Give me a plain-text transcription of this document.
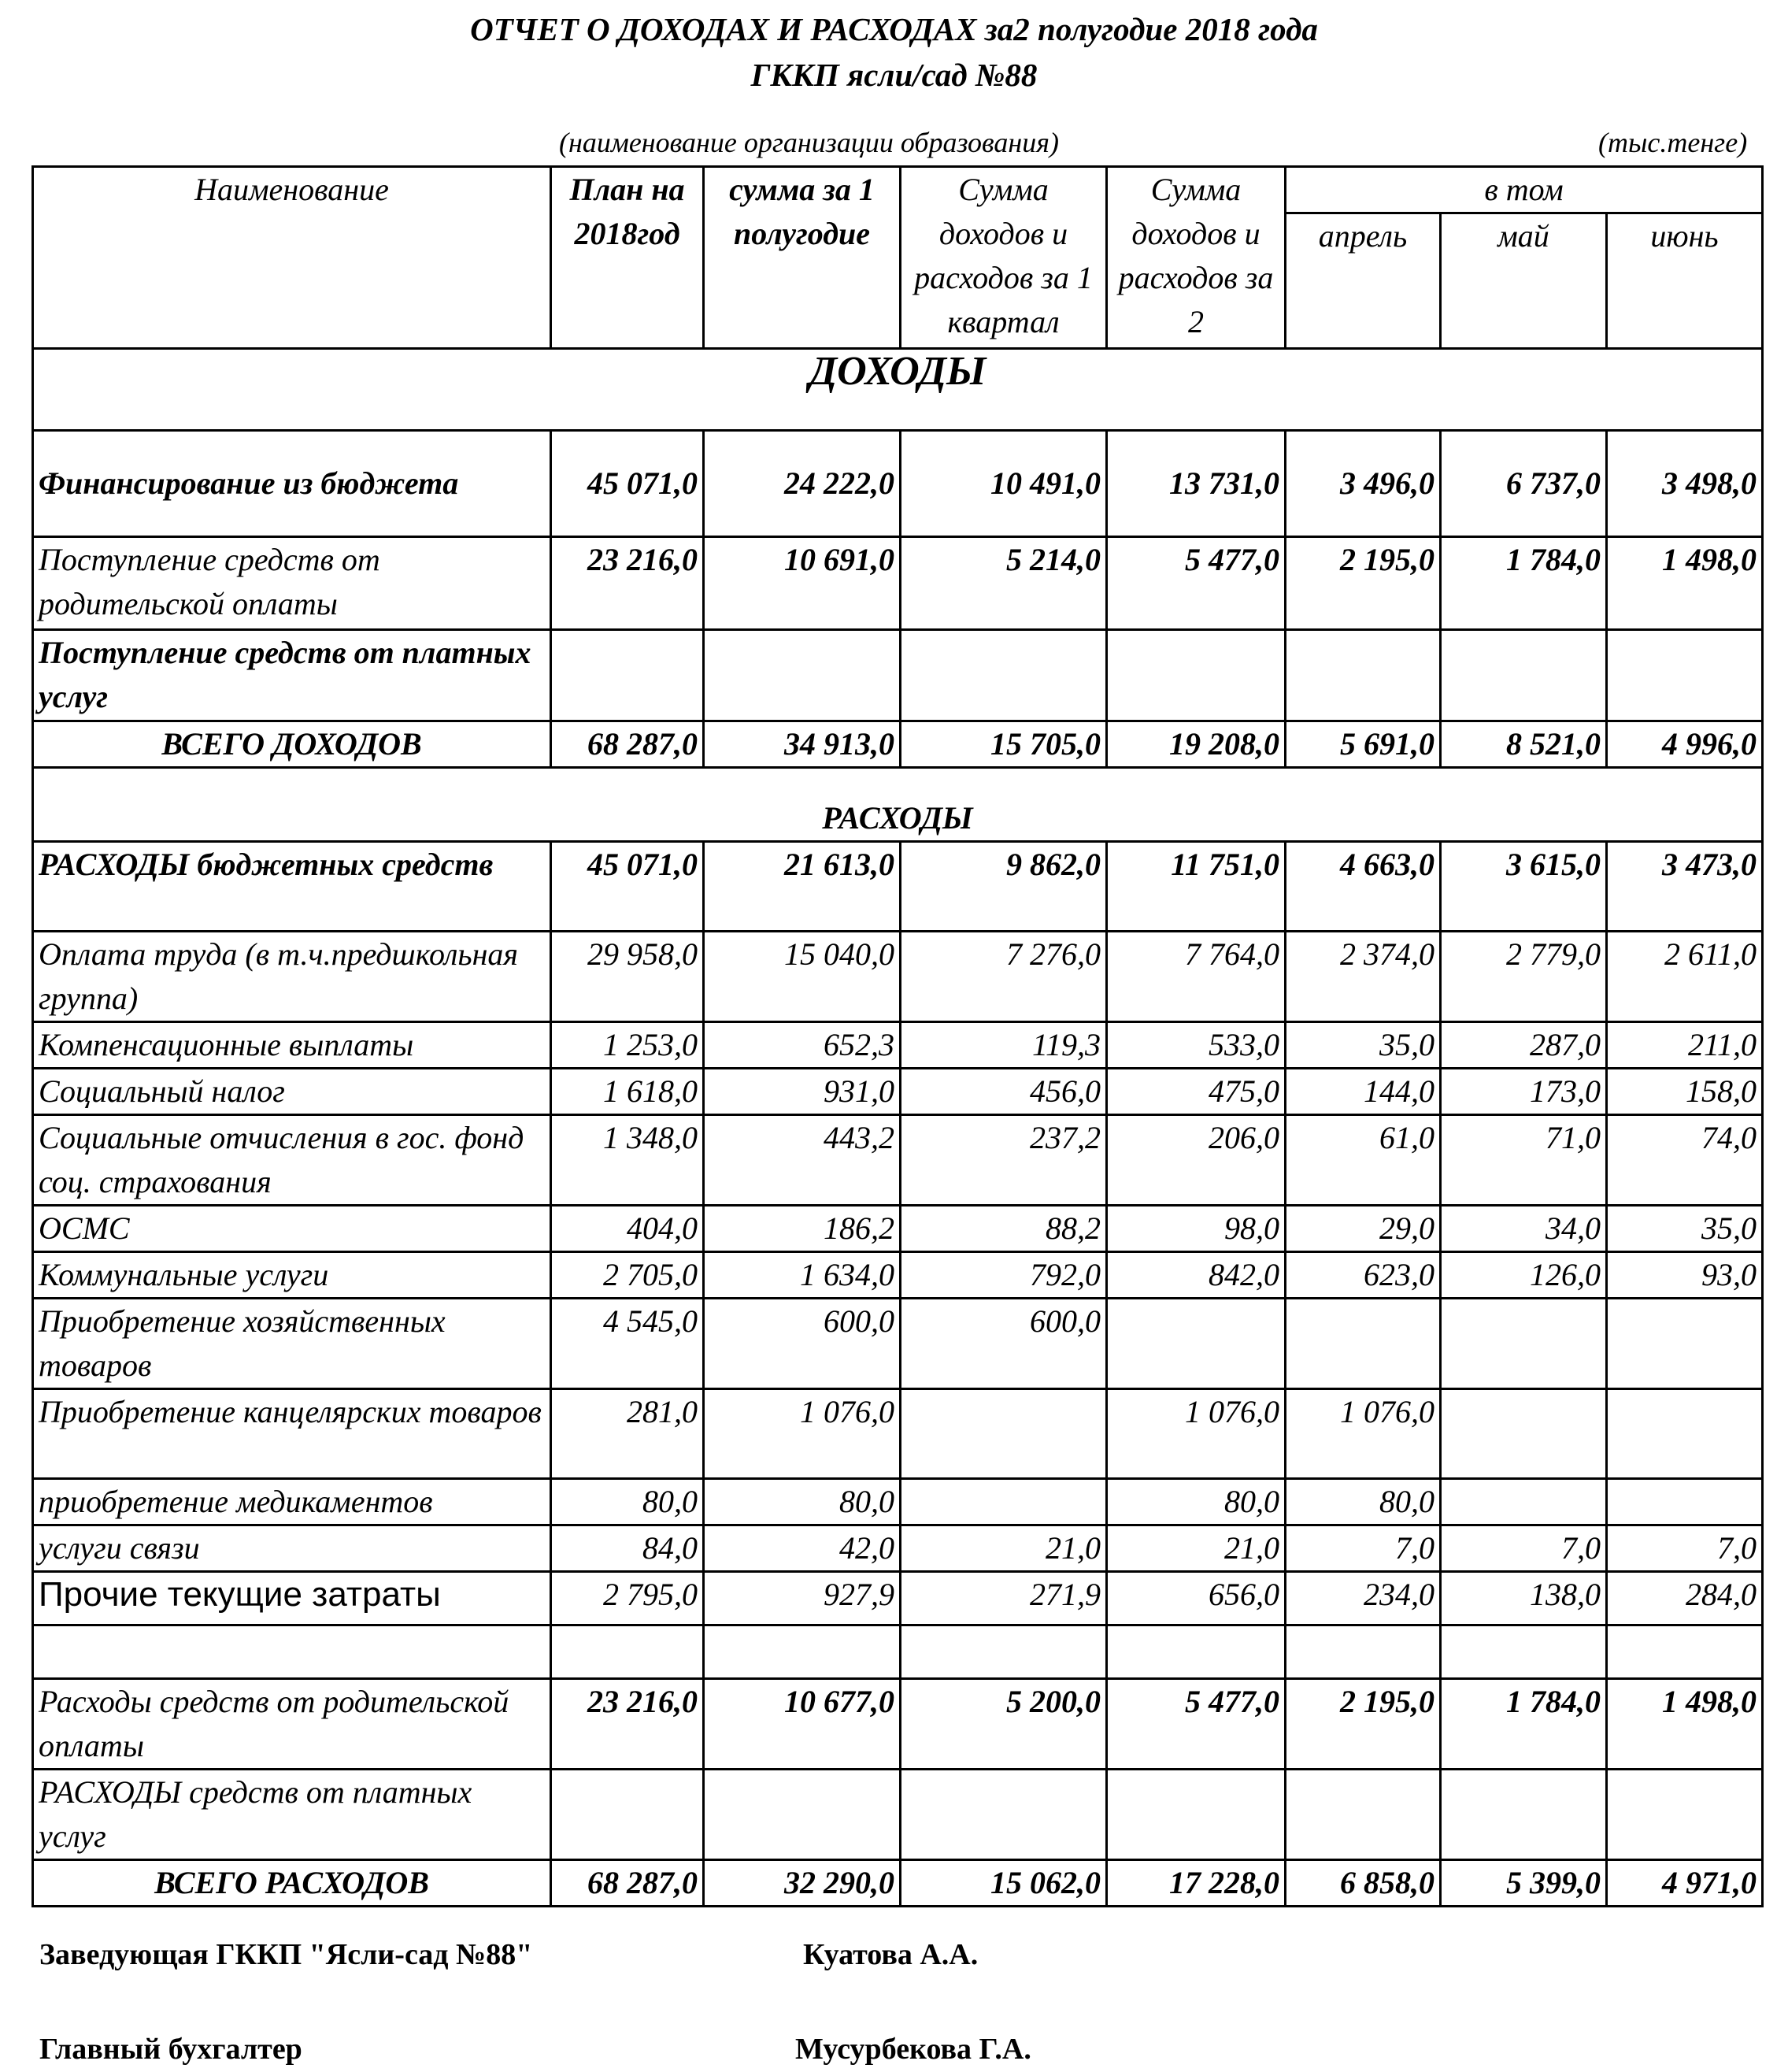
ОТЧЕТ О ДОХОДАХ И РАСХОДАХ за2 полугодие 2018 года
ГККП ясли/сад №88
(наименование организации образования)	(тыс.тенге)
Наименование	План на 2018год	сумма за 1 полугодие	Сумма доходов и расходов за 1 квартал	Сумма доходов и расходов за 2	в том		
					апрель	май	июнь
ДОХОДЫ							
Финансирование из бюджета	45 071,0	24 222,0	10 491,0	13 731,0	3 496,0	6 737,0	3 498,0
Поступление средств от родительской оплаты	23 216,0	10 691,0	5 214,0	5 477,0	2 195,0	1 784,0	1 498,0
Поступление средств от платных услуг							
ВСЕГО ДОХОДОВ	68 287,0	34 913,0	15 705,0	19 208,0	5 691,0	8 521,0	4 996,0
РАСХОДЫ							
РАСХОДЫ бюджетных средств	45 071,0	21 613,0	9 862,0	11 751,0	4 663,0	3 615,0	3 473,0
Оплата труда (в т.ч.предшкольная группа)	29 958,0	15 040,0	7 276,0	7 764,0	2 374,0	2 779,0	2 611,0
Компенсационные выплаты	1 253,0	652,3	119,3	533,0	35,0	287,0	211,0
Социальный налог	1 618,0	931,0	456,0	475,0	144,0	173,0	158,0
Социальные отчисления в гос. фонд соц. страхования	1 348,0	443,2	237,2	206,0	61,0	71,0	74,0
ОСМС	404,0	186,2	88,2	98,0	29,0	34,0	35,0
Коммунальные услуги	2 705,0	1 634,0	792,0	842,0	623,0	126,0	93,0
Приобретение хозяйственных товаров	4 545,0	600,0	600,0				
Приобретение канцелярских товаров	281,0	1 076,0		1 076,0	1 076,0		
приобретение медикаментов	80,0	80,0		80,0	80,0		
услуги связи	84,0	42,0	21,0	21,0	7,0	7,0	7,0
Прочие текущие затраты	2 795,0	927,9	271,9	656,0	234,0	138,0	284,0

Расходы средств от родительской оплаты	23 216,0	10 677,0	5 200,0	5 477,0	2 195,0	1 784,0	1 498,0
РАСХОДЫ средств от платных услуг							
ВСЕГО РАСХОДОВ	68 287,0	32 290,0	15 062,0	17 228,0	6 858,0	5 399,0	4 971,0
Заведующая ГККП "Ясли-сад №88"	Куатова А.А.
Главный бухгалтер	Мусурбекова Г.А.
